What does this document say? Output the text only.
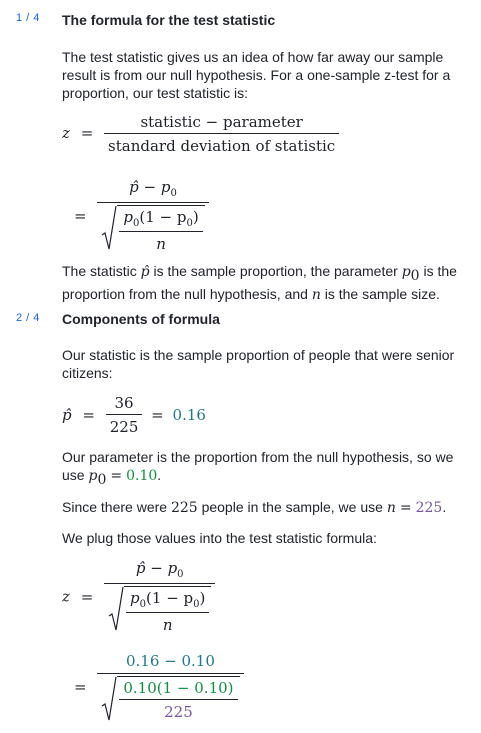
1 / 4 The formula for the test statistic
The test statistic gives us an idea of how far away our sample result is from our null hypothesis. For a one-sample z-test for a proportion, our test statistic is:
$z = \frac{\text{statistic − parameter}}{\text{standard deviation of statistic}}$
= $\frac{p̂ - p_0}{\frac{p_0(1 - p_0)}{n}}$
The statistic p̂ is the sample proportion, the parameter $p_0$ is the proportion from the null hypothesis, and n is the sample size.
2 / 4 Components of formula
Our statistic is the sample proportion of people that were senior citizens:
p̂ = $\frac{36}{225} = 0.16$
Our parameter is the proportion from the null hypothesis, so we use $p_0 = 0.10$.
Since there were 225 people in the sample, we use n = 225.
We plug those values into the test statistic formula:
$z = \frac{p̂ - p_0}{\frac{p_0(1 - p_0)}{n}}$
= $\frac{0.16 - 0.10}{\frac{0.10(1 - 0.10)}{225}}$
